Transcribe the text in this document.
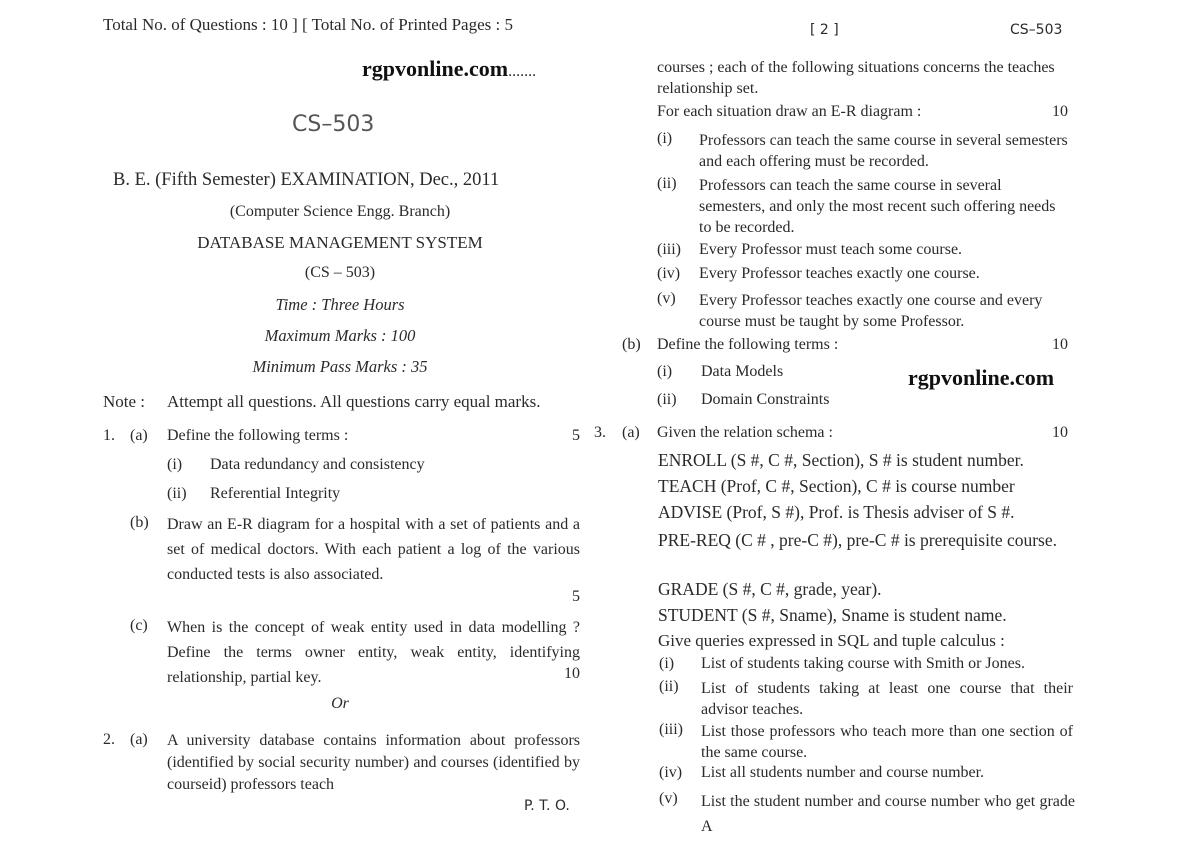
Total No. of Questions : 10 ] [ Total No. of Printed Pages : 5
rgpvonline.com.......
CS–503
B. E. (Fifth Semester) EXAMINATION, Dec., 2011
(Computer Science Engg. Branch)
DATABASE MANAGEMENT SYSTEM
(CS – 503)
Time : Three Hours
Maximum Marks : 100
Minimum Pass Marks : 35
Note : Attempt all questions. All questions carry equal marks.
1. (a) Define the following terms :	5
(i) Data redundancy and consistency
(ii) Referential Integrity
(b) Draw an E-R diagram for a hospital with a set of patients and a set of medical doctors. With each patient a log of the various conducted tests is also associated.
5
(c) When is the concept of weak entity used in data modelling ? Define the terms owner entity, weak entity, identifying relationship, partial key.	10
Or
2. (a) A university database contains information about professors (identified by social security number) and courses (identified by courseid) professors teach
P. T. O.
[ 2 ]	CS–503
courses ; each of the following situations concerns the teaches relationship set.
For each situation draw an E-R diagram :	10
(i) Professors can teach the same course in several semesters and each offering must be recorded.
(ii) Professors can teach the same course in several semesters, and only the most recent such offering needs to be recorded.
(iii) Every Professor must teach some course.
(iv) Every Professor teaches exactly one course.
(v) Every Professor teaches exactly one course and every course must be taught by some Professor.
(b) Define the following terms :	10
(i) Data Models	rgpvonline.com
(ii) Domain Constraints
3. (a) Given the relation schema :	10
ENROLL (S #, C #, Section), S # is student number.
TEACH (Prof, C #, Section), C # is course number
ADVISE (Prof, S #), Prof. is Thesis adviser of S #.
PRE-REQ (C # , pre-C #), pre-C # is prerequisite course.
GRADE (S #, C #, grade, year).
STUDENT (S #, Sname), Sname is student name.
Give queries expressed in SQL and tuple calculus :
(i) List of students taking course with Smith or Jones.
(ii) List of students taking at least one course that their advisor teaches.
(iii) List those professors who teach more than one section of the same course.
(iv) List all students number and course number.
(v) List the student number and course number who get grade A
